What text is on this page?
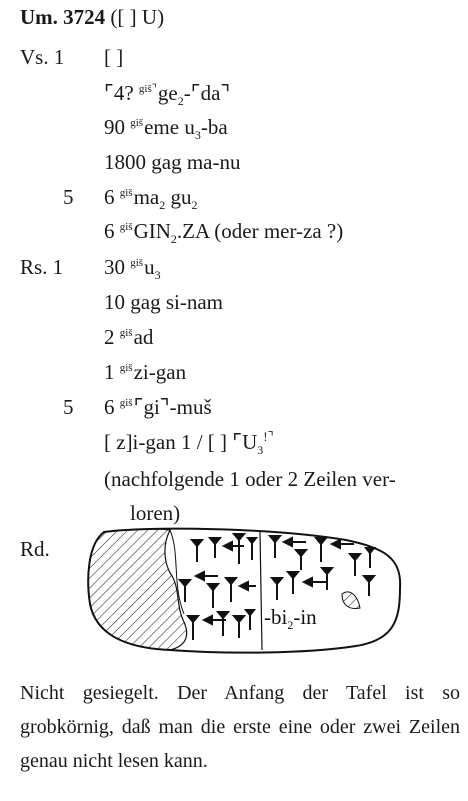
Um. 3724 ([ ] U)
Vs. 1 [ ]
⌜4? $^{giš⌝}ge_2-⌜da⌝$
90 $^{giš}$eme $u_3-ba$
1800 gag ma-nu
5 6 $^{giš}ma_2$ $gu_2$
6 $^{giš}GIN_2.ZA$ (oder mer-za ?)
Rs. 1 30 $^{giš}u_3$
10 gag si-nam
2 $^{giš}$ad
1 $^{giš}$zi-gan
5 6 $^{giš}$⌜gi⌝-muš
[ z]i-gan 1 / [ ] $⌜U_3^{!⌝}$
(nachfolgende 1 oder 2 Zeilen ver-
loren)
Rd.
$-bi_2-in$
Nicht gesiegelt. Der Anfang der Tafel ist so grobkörnig, daß man die erste eine oder zwei Zeilen genau nicht lesen kann.
